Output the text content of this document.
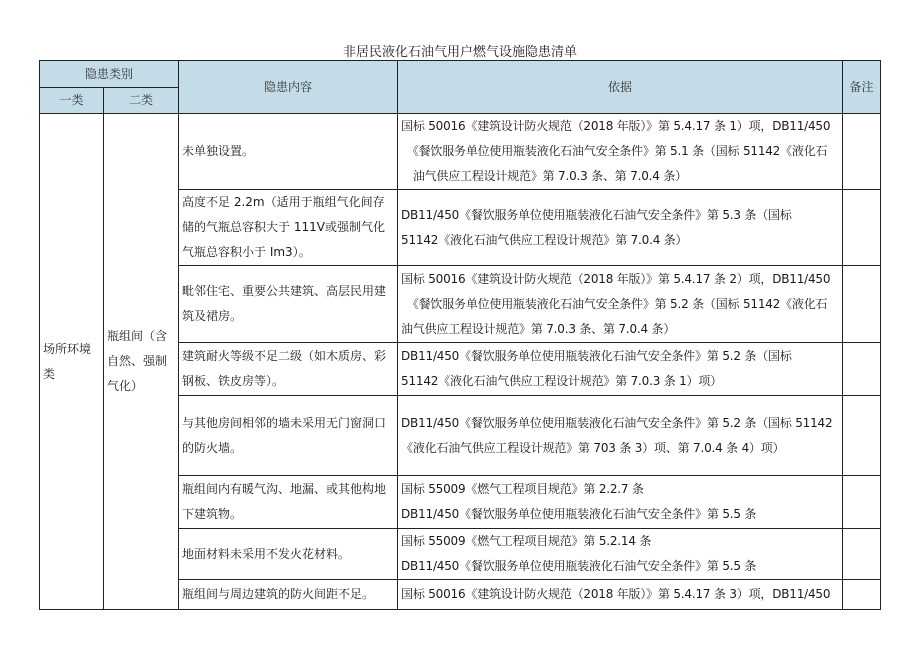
非居民液化石油气用户燃气设施隐患清单
隐患类别		隐患内容	依据	备注
一类	二类			
场所环境类	瓶组间（含自然、强制气化）	未单独设置。	国标 50016《建筑设计防火规范（2018 年版）》第 5.4.17 条 1）项，DB11/450
　《餐饮服务单位使用瓶装液化石油气安全条件》第 5.1 条（国标 51142《液化石
　油气供应工程设计规范》第 7.0.3 条、第 7.0.4 条）	
		高度不足 2.2m（适用于瓶组气化间存储的气瓶总容积大于 111V或强制气化气瓶总容积小于 Im3）。	DB11/450《餐饮服务单位使用瓶装液化石油气安全条件》第 5.3 条（国标
51142《液化石油气供应工程设计规范》第 7.0.4 条）	
		毗邻住宅、重要公共建筑、高层民用建筑及裙房。	国标 50016《建筑设计防火规范（2018 年版）》第 5.4.17 条 2）项，DB11/450
　《餐饮服务单位使用瓶装液化石油气安全条件》第 5.2 条（国标 51142《液化石
油气供应工程设计规范》第 7.0.3 条、第 7.0.4 条）	
		建筑耐火等级不足二级（如木质房、彩钢板、铁皮房等）。	DB11/450《餐饮服务单位使用瓶装液化石油气安全条件》第 5.2 条（国标
51142《液化石油气供应工程设计规范》第 7.0.3 条 1）项）	
		与其他房间相邻的墙未采用无门窗洞口的防火墙。	DB11/450《餐饮服务单位使用瓶装液化石油气安全条件》第 5.2 条（国标 51142
《液化石油气供应工程设计规范》第 703 条 3）项、第 7.0.4 条 4）项）	
		瓶组间内有暖气沟、地漏、或其他构地下建筑物。	国标 55009《燃气工程项目规范》第 2.2.7 条
DB11/450《餐饮服务单位使用瓶装液化石油气安全条件》第 5.5 条	
		地面材料未采用不发火花材料。	国标 55009《燃气工程项目规范》第 5.2.14 条
DB11/450《餐饮服务单位使用瓶装液化石油气安全条件》第 5.5 条	
		瓶组间与周边建筑的防火间距不足。	国标 50016《建筑设计防火规范（2018 年版）》第 5.4.17 条 3）项，DB11/450	
